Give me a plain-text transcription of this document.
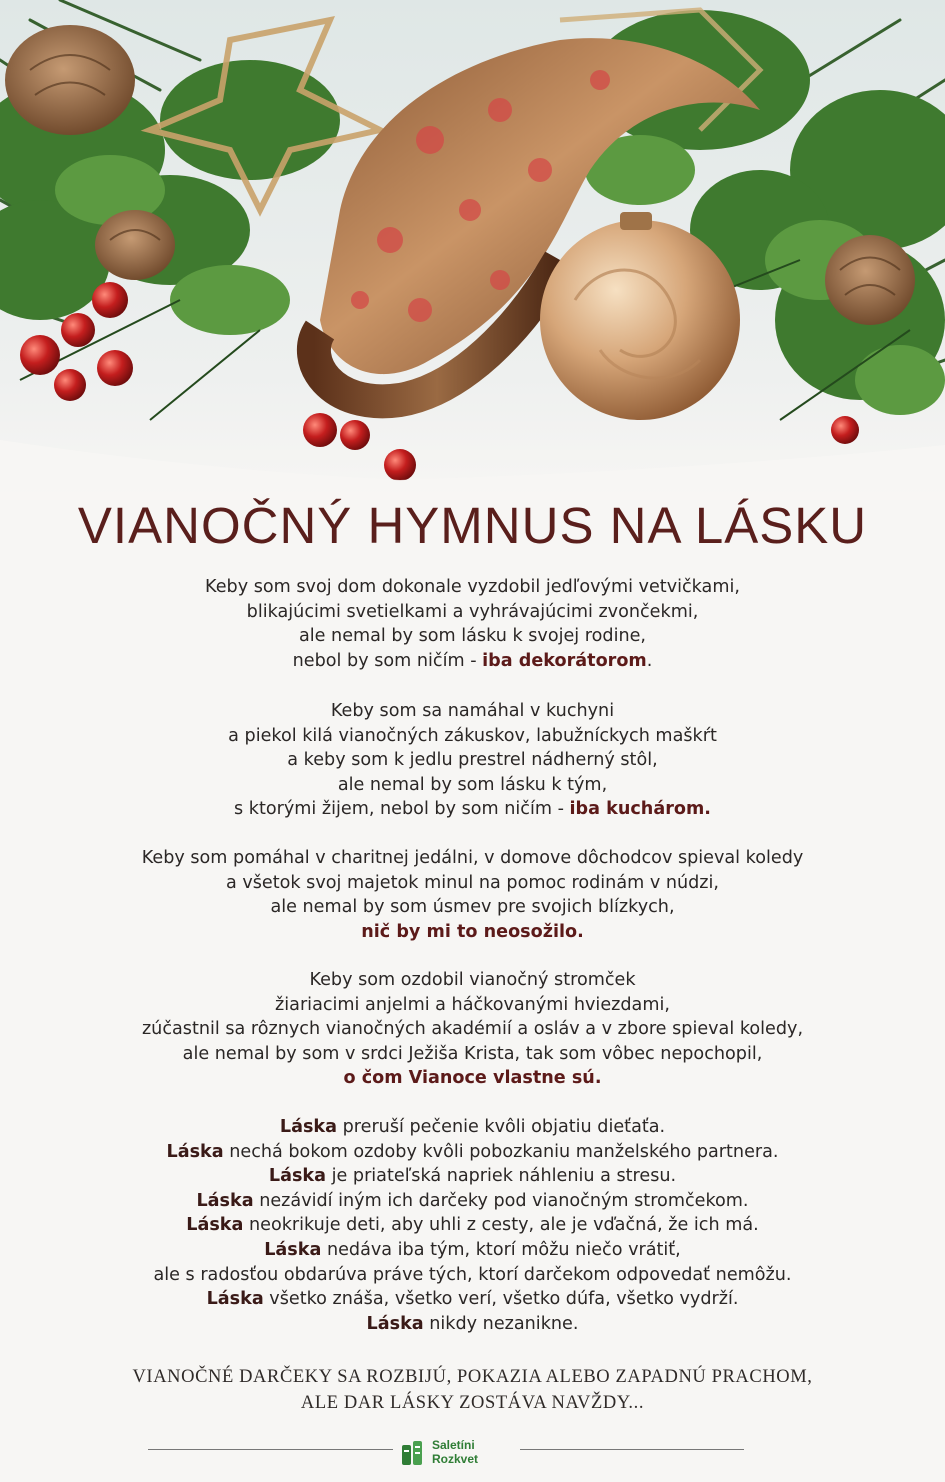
VIANOČNÝ HYMNUS NA LÁSKU
Keby som svoj dom dokonale vyzdobil jedľovými vetvičkami,
blikajúcimi svetielkami a vyhrávajúcimi zvončekmi,
ale nemal by som lásku k svojej rodine,
nebol by som ničím - iba dekorátorom.
Keby som sa namáhal v kuchyni
a piekol kilá vianočných zákuskov, labužníckych maškŕt
a keby som k jedlu prestrel nádherný stôl,
ale nemal by som lásku k tým,
s ktorými žijem, nebol by som ničím - iba kuchárom.
Keby som pomáhal v charitnej jedálni, v domove dôchodcov spieval koledy
a všetok svoj majetok minul na pomoc rodinám v núdzi,
ale nemal by som úsmev pre svojich blízkych,
nič by mi to neosožilo.
Keby som ozdobil vianočný stromček
žiariacimi anjelmi a háčkovanými hviezdami,
zúčastnil sa rôznych vianočných akadémií a osláv a v zbore spieval koledy,
ale nemal by som v srdci Ježiša Krista, tak som vôbec nepochopil,
o čom Vianoce vlastne sú.
Láska preruší pečenie kvôli objatiu dieťaťa.
Láska nechá bokom ozdoby kvôli pobozkaniu manželského partnera.
Láska je priateľská napriek náhleniu a stresu.
Láska nezávidí iným ich darčeky pod vianočným stromčekom.
Láska neokrikuje deti, aby uhli z cesty, ale je vďačná, že ich má.
Láska nedáva iba tým, ktorí môžu niečo vrátiť,
ale s radosťou obdarúva práve tých, ktorí darčekom odpovedať nemôžu.
Láska všetko znáša, všetko verí, všetko dúfa, všetko vydrží.
Láska nikdy nezanikne.
VIANOČNÉ DARČEKY SA ROZBIJÚ, POKAZIA ALEBO ZAPADNÚ PRACHOM,
ALE DAR LÁSKY ZOSTÁVA NAVŽDY...
Saletíni
Rozkvet
